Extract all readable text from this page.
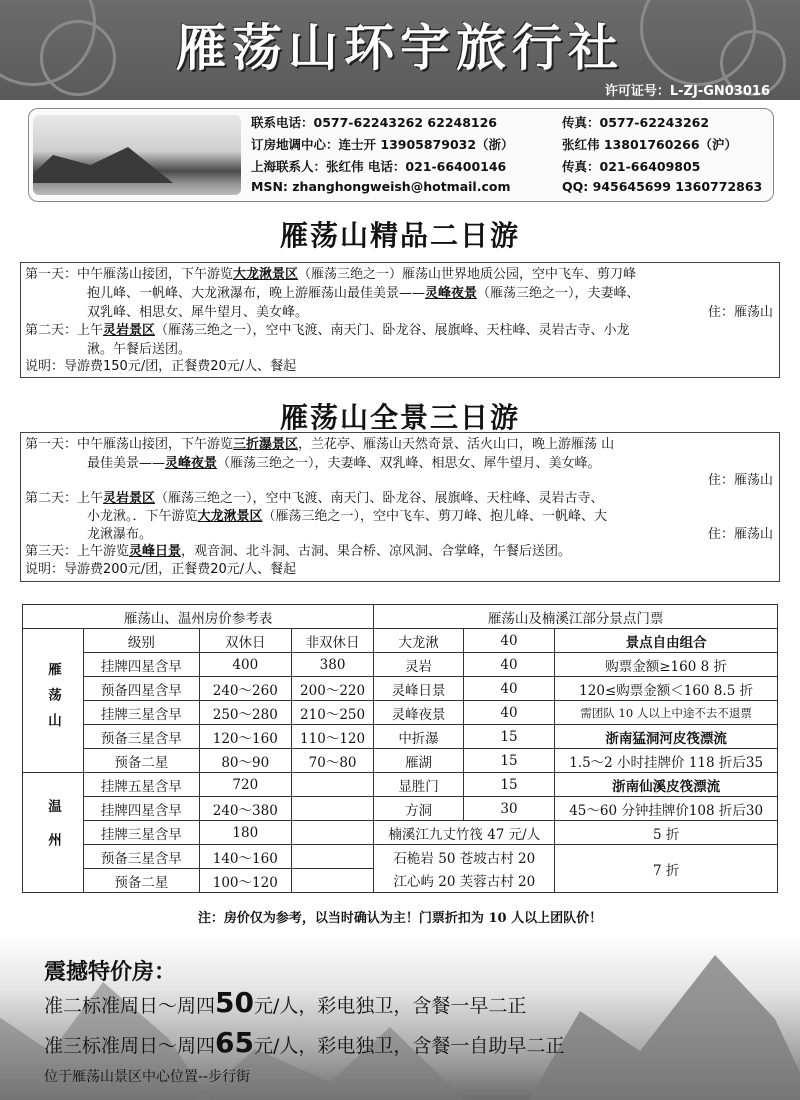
雁荡山环宇旅行社
许可证号：L-ZJ-GN03016
联系电话：0577-62243262 62248126	传真：0577-62243262
订房地调中心：连士开 13905879032（浙）	张红伟 13801760266（沪）
上海联系人：张红伟 电话：021-66400146	传真：021-66409805
MSN: zhanghongweish@hotmail.com	QQ: 945645699 1360772863
雁荡山精品二日游
第一天：中午雁荡山接团，下午游览大龙湫景区（雁荡三绝之一）雁荡山世界地质公园，空中飞车、剪刀峰
抱儿峰、一帆峰、大龙湫瀑布，晚上游雁荡山最佳美景——灵峰夜景（雁荡三绝之一），夫妻峰、
双乳峰、相思女、犀牛望月、美女峰。	住：雁荡山
第二天：上午灵岩景区（雁荡三绝之一），空中飞渡、南天门、卧龙谷、展旗峰、天柱峰、灵岩古寺、小龙
湫。午餐后送团。
说明：导游费150元/团，正餐费20元/人、餐起
雁荡山全景三日游
第一天：中午雁荡山接团，下午游览三折瀑景区，兰花亭、雁荡山天然奇景、活火山口，晚上游雁荡 山
最佳美景——灵峰夜景（雁荡三绝之一），夫妻峰、双乳峰、相思女、犀牛望月、美女峰。
住：雁荡山
第二天：上午灵岩景区（雁荡三绝之一），空中飞渡、南天门、卧龙谷、展旗峰、天柱峰、灵岩古寺、
小龙湫。．下午游览大龙湫景区（雁荡三绝之一），空中飞车、剪刀峰、抱儿峰、一帆峰、大
龙湫瀑布。	住：雁荡山
第三天：上午游览灵峰日景，观音洞、北斗洞、古洞、果合桥、凉风洞、合掌峰，午餐后送团。
说明：导游费200元/团，正餐费20元/人、餐起
雁荡山、温州房价参考表				雁荡山及楠溪江部分景点门票		
雁荡山	级别	双休日	非双休日	大龙湫	40	景点自由组合
	挂牌四星含早	400	380	灵岩	40	购票金额≥160 8 折
	预备四星含早	240～260	200～220	灵峰日景	40	120≤购票金额＜160 8.5 折
	挂牌三星含早	250～280	210～250	灵峰夜景	40	需团队 10 人以上中途不去不退票
	预备三星含早	120～160	110～120	中折瀑	15	浙南猛洞河皮筏漂流
	预备二星	80～90	70～80	雁湖	15	1.5～2 小时挂牌价 118 折后35
温州	挂牌五星含早	720		显胜门	15	浙南仙溪皮筏漂流
	挂牌四星含早	240～380		方洞	30	45～60 分钟挂牌价108 折后30
	挂牌三星含早	180		楠溪江九丈竹筏 47 元/人		5 折
	预备三星含早	140～160		石桅岩 50 苍坡古村 20		7 折
	预备二星	100～120		江心屿 20 芙蓉古村 20		
注：房价仅为参考，以当时确认为主！门票折扣为 10 人以上团队价！
震撼特价房：
准二标准周日～周四50元/人，彩电独卫，含餐一早二正
准三标准周日～周四65元/人，彩电独卫，含餐一自助早二正
位于雁荡山景区中心位置--步行街
